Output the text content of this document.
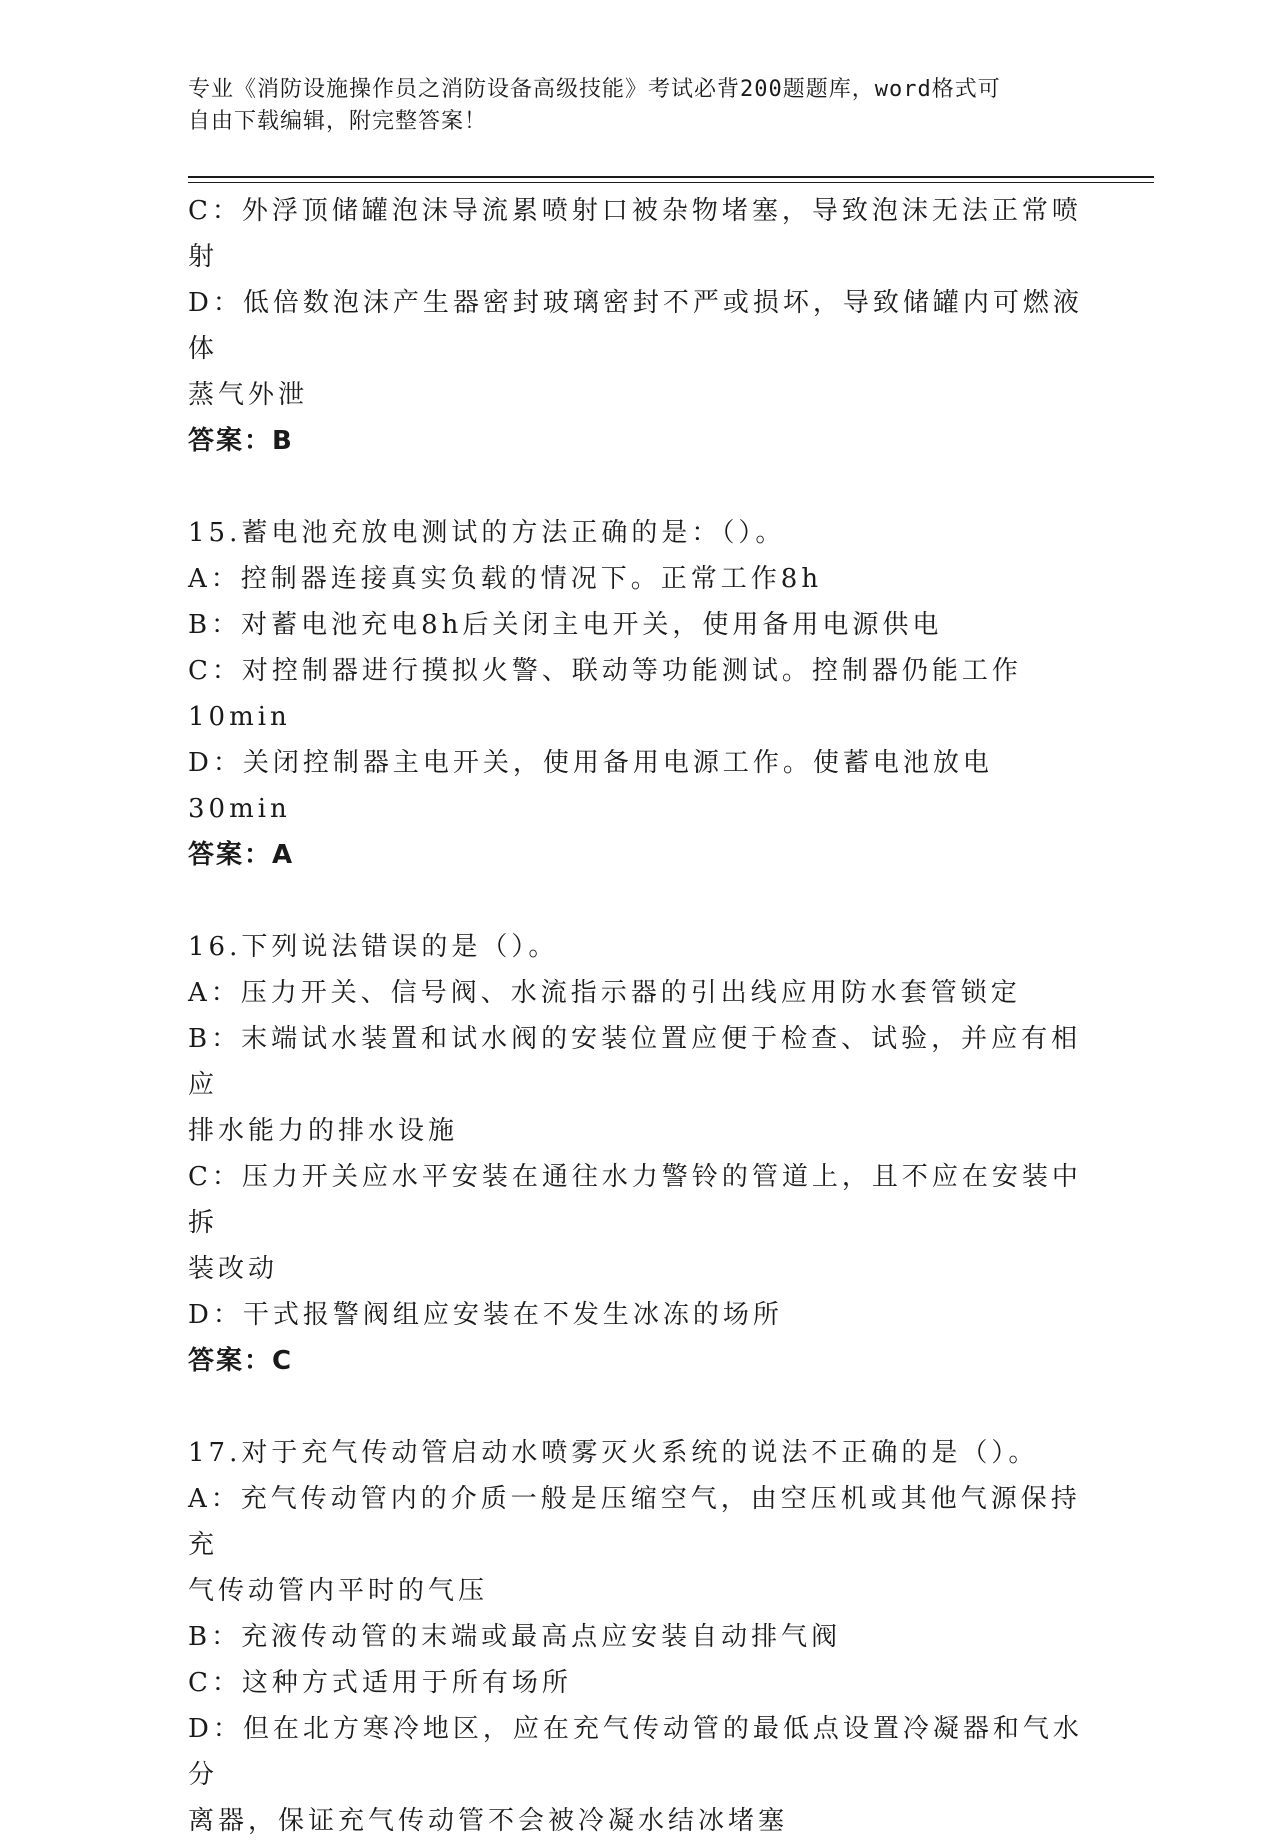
专业《消防设施操作员之消防设备高级技能》考试必背200题题库，word格式可
自由下载编辑，附完整答案！

C：外浮顶储罐泡沫导流累喷射口被杂物堵塞，导致泡沫无法正常喷射

D：低倍数泡沫产生器密封玻璃密封不严或损坏，导致储罐内可燃液体

蒸气外泄

答案：B

15.蓄电池充放电测试的方法正确的是：（）。

A：控制器连接真实负载的情况下。正常工作8h

B：对蓄电池充电8h后关闭主电开关，使用备用电源供电

C：对控制器进行摸拟火警、联动等功能测试。控制器仍能工作10min

D：关闭控制器主电开关，使用备用电源工作。使蓄电池放电30min

答案：A

16.下列说法错误的是（）。

A：压力开关、信号阀、水流指示器的引出线应用防水套管锁定

B：末端试水装置和试水阀的安装位置应便于检查、试验，并应有相应

排水能力的排水设施

C：压力开关应水平安装在通往水力警铃的管道上，且不应在安装中拆

装改动

D：干式报警阀组应安装在不发生冰冻的场所

答案：C

17.对于充气传动管启动水喷雾灭火系统的说法不正确的是（）。

A：充气传动管内的介质一般是压缩空气，由空压机或其他气源保持充

气传动管内平时的气压

B：充液传动管的末端或最高点应安装自动排气阀

C：这种方式适用于所有场所

D：但在北方寒冷地区，应在充气传动管的最低点设置冷凝器和气水分

离器，保证充气传动管不会被冷凝水结冰堵塞
